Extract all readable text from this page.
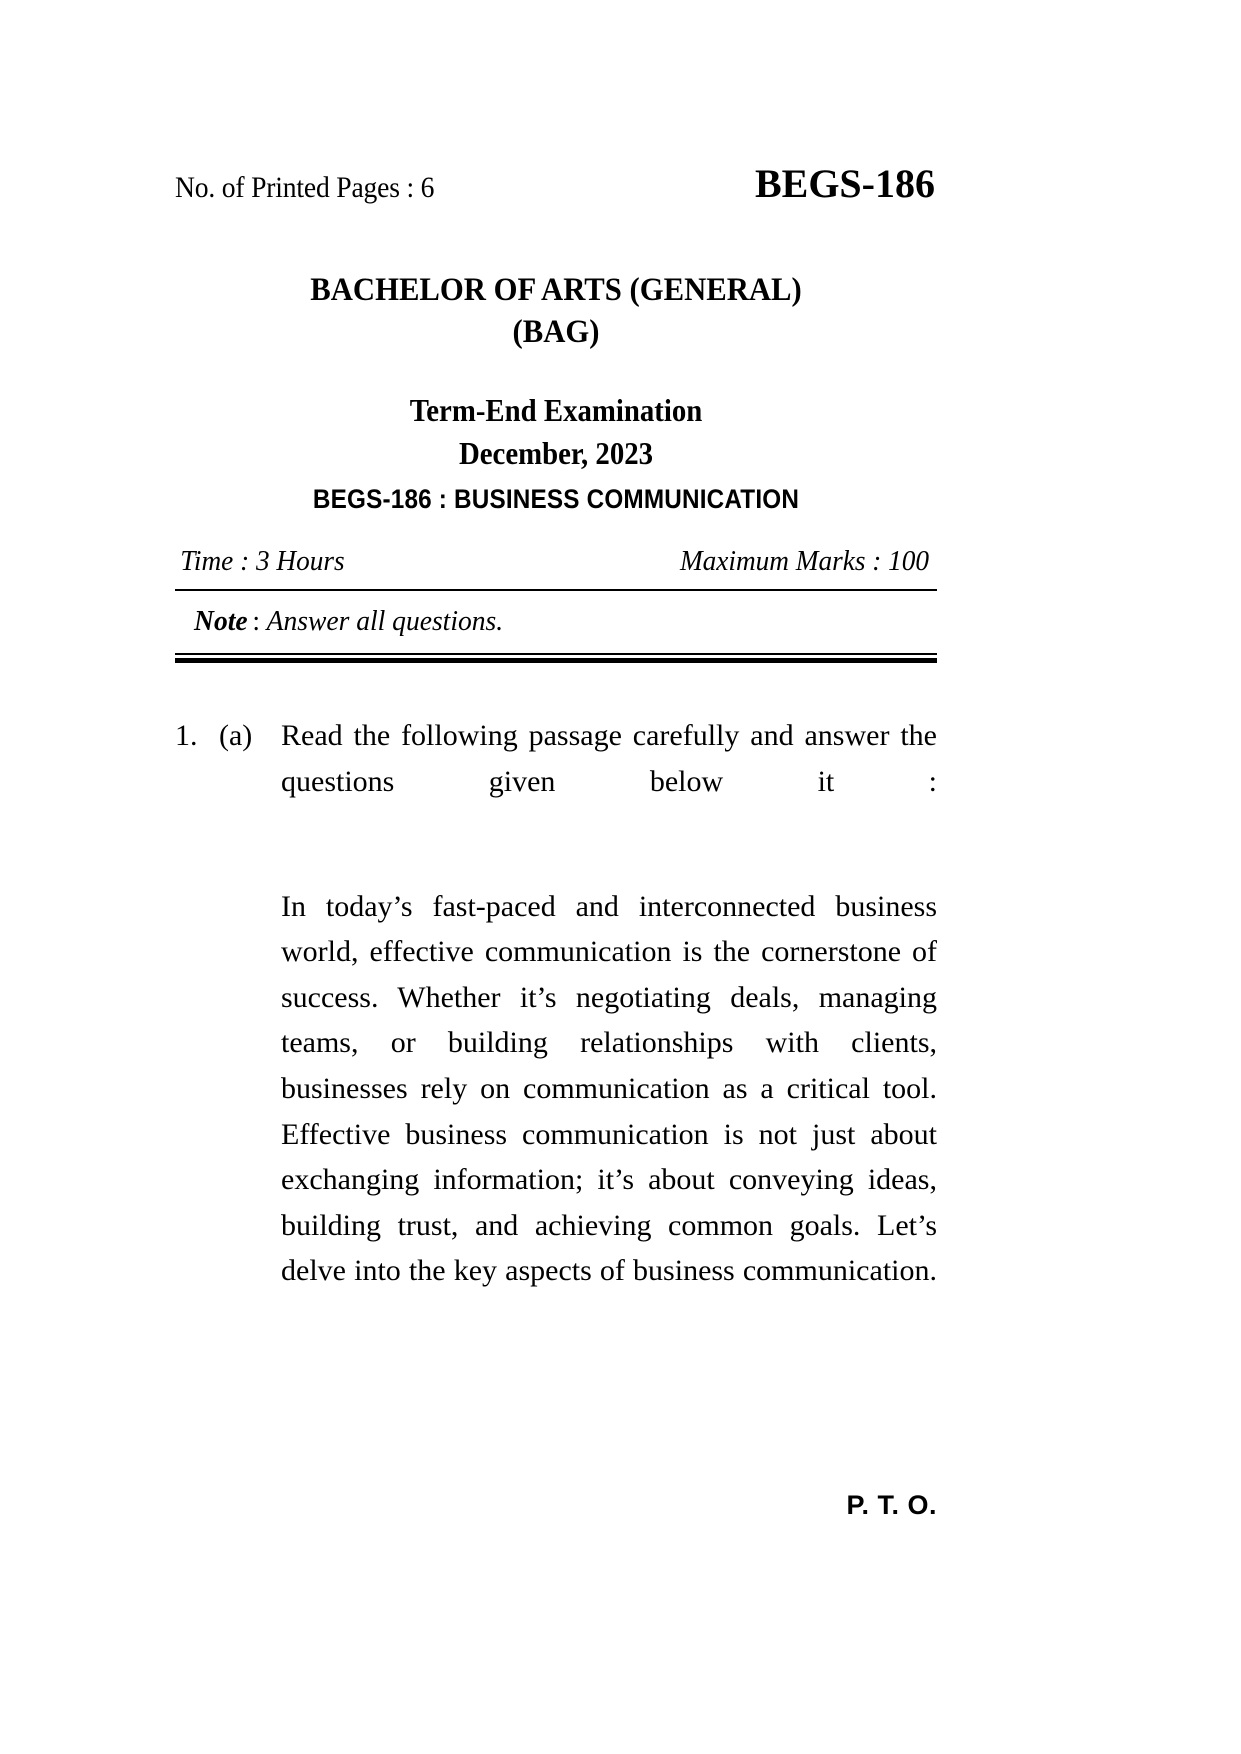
No. of Printed Pages : 6	BEGS-186
BACHELOR OF ARTS (GENERAL)
(BAG)
Term-End Examination
December, 2023
BEGS-186 : BUSINESS COMMUNICATION
Time : 3 Hours	Maximum Marks : 100
Note : Answer all questions.
1. (a) Read the following passage carefully and answer the questions given below it :

In today’s fast-paced and interconnected business world, effective communication is the cornerstone of success. Whether it’s negotiating deals, managing teams, or building relationships with clients, businesses rely on communication as a critical tool. Effective business communication is not just about exchanging information; it’s about conveying ideas, building trust, and achieving common goals. Let’s delve into the key aspects of business communication.

P. T. O.
